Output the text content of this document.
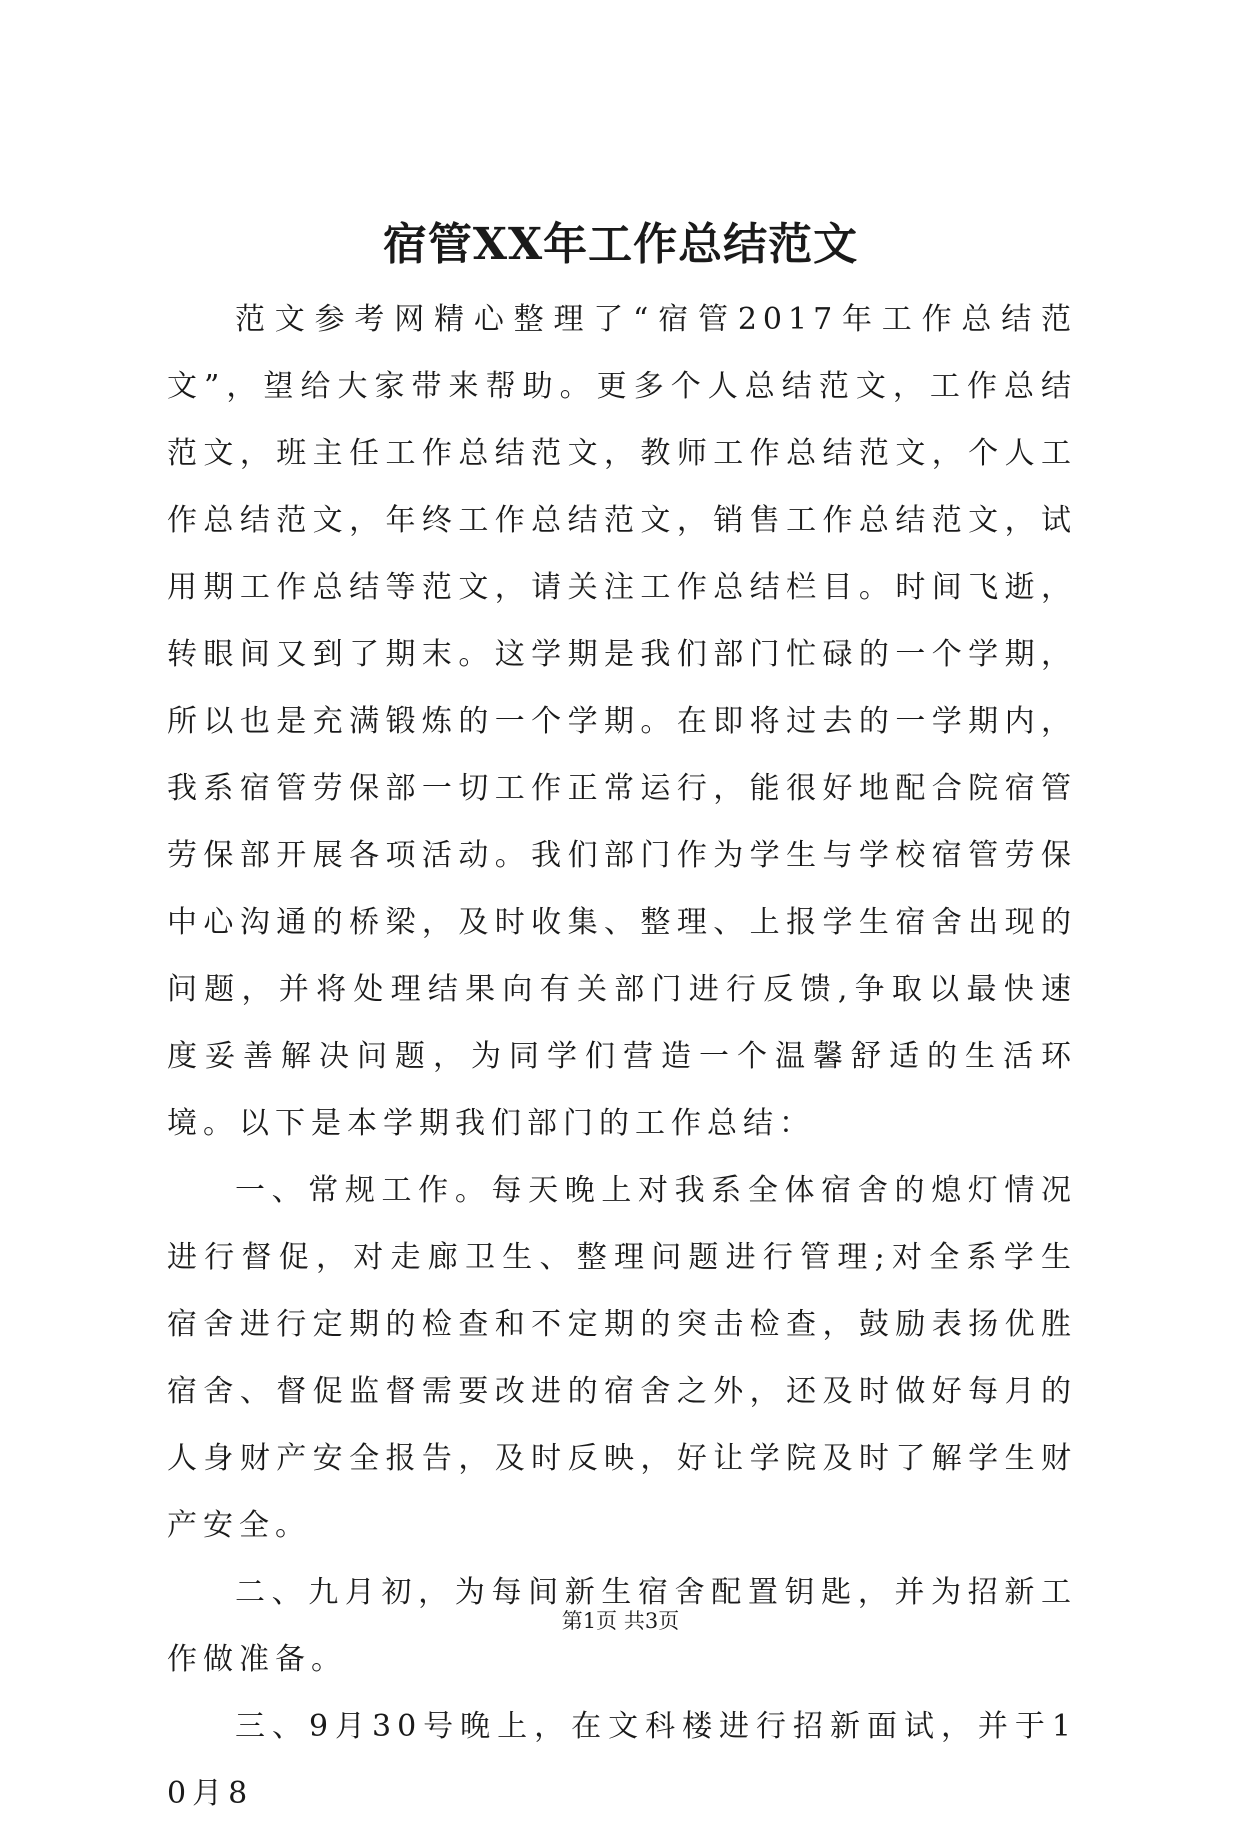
宿管XX年工作总结范文

范文参考网精心整理了“宿管2017年工作总结范文”，望给大家带来帮助。更多个人总结范文，工作总结范文，班主任工作总结范文，教师工作总结范文，个人工作总结范文，年终工作总结范文，销售工作总结范文，试用期工作总结等范文，请关注工作总结栏目。时间飞逝，转眼间又到了期末。这学期是我们部门忙碌的一个学期，所以也是充满锻炼的一个学期。在即将过去的一学期内，我系宿管劳保部一切工作正常运行，能很好地配合院宿管劳保部开展各项活动。我们部门作为学生与学校宿管劳保中心沟通的桥梁，及时收集、整理、上报学生宿舍出现的问题，并将处理结果向有关部门进行反馈,争取以最快速度妥善解决问题，为同学们营造一个温馨舒适的生活环境。以下是本学期我们部门的工作总结：

一、常规工作。每天晚上对我系全体宿舍的熄灯情况进行督促，对走廊卫生、整理问题进行管理;对全系学生宿舍进行定期的检查和不定期的突击检查，鼓励表扬优胜宿舍、督促监督需要改进的宿舍之外，还及时做好每月的人身财产安全报告，及时反映，好让学院及时了解学生财产安全。

二、九月初，为每间新生宿舍配置钥匙，并为招新工作做准备。

三、9月30号晚上，在文科楼进行招新面试，并于10月8

第1页 共3页
